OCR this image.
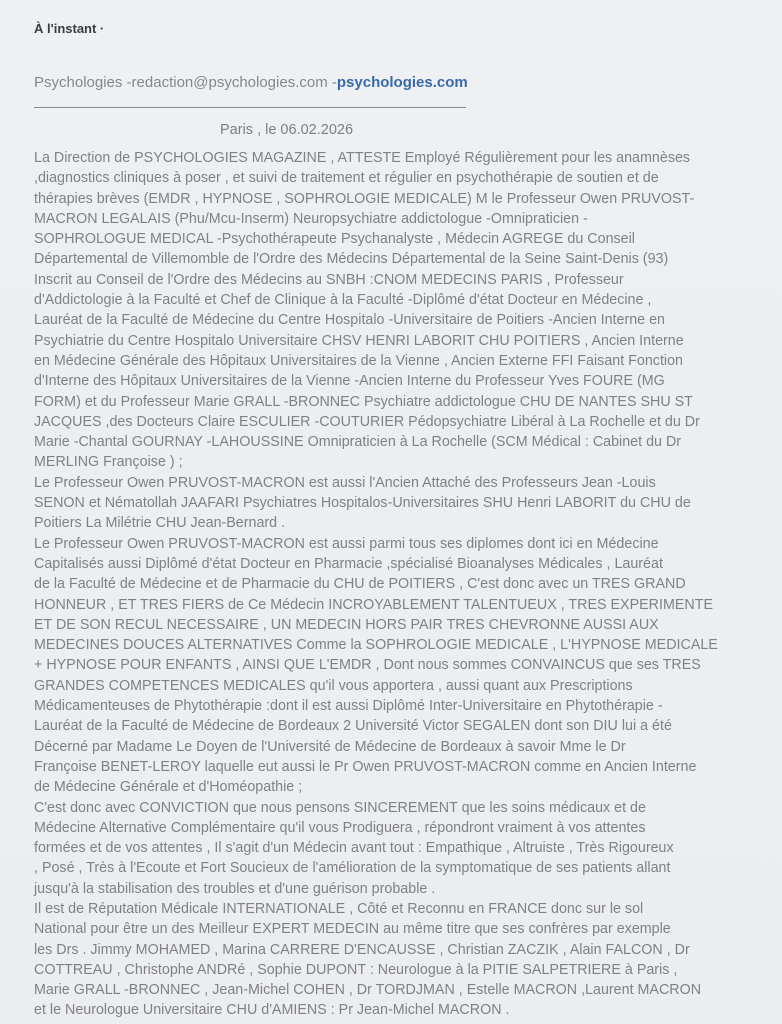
À l'instant ·
Psychologies -redaction@psychologies.com -psychologies.com
Paris , le 06.02.2026
La Direction de PSYCHOLOGIES MAGAZINE , ATTESTE Employé Régulièrement pour les anamnèses
,diagnostics cliniques à poser , et suivi de traitement et régulier en psychothérapie de soutien et de
thérapies brèves (EMDR , HYPNOSE , SOPHROLOGIE MEDICALE) M le Professeur Owen PRUVOST-
MACRON LEGALAIS (Phu/Mcu-Inserm) Neuropsychiatre addictologue -Omnipraticien -
SOPHROLOGUE MEDICAL -Psychothérapeute Psychanalyste , Médecin AGREGE du Conseil
Départemental de Villemomble de l'Ordre des Médecins Départemental de la Seine Saint-Denis (93)
Inscrit au Conseil de l'Ordre des Médecins au SNBH :CNOM MEDECINS PARIS , Professeur
d'Addictologie à la Faculté et Chef de Clinique à la Faculté -Diplômé d'état Docteur en Médecine ,
Lauréat de la Faculté de Médecine du Centre Hospitalo -Universitaire de Poitiers -Ancien Interne en
Psychiatrie du Centre Hospitalo Universitaire CHSV HENRI LABORIT CHU POITIERS , Ancien Interne
en Médecine Générale des Hôpitaux Universitaires de la Vienne , Ancien Externe FFI Faisant Fonction
d'Interne des Hôpitaux Universitaires de la Vienne -Ancien Interne du Professeur Yves FOURE (MG
FORM) et du Professeur Marie GRALL -BRONNEC Psychiatre addictologue CHU DE NANTES SHU ST
JACQUES ,des Docteurs Claire ESCULIER -COUTURIER Pédopsychiatre Libéral à La Rochelle et du Dr
Marie -Chantal GOURNAY -LAHOUSSINE Omnipraticien à La Rochelle (SCM Médical : Cabinet du Dr
MERLING Françoise ) ;
Le Professeur Owen PRUVOST-MACRON est aussi l'Ancien Attaché des Professeurs Jean -Louis
SENON et Nématollah JAAFARI Psychiatres Hospitalos-Universitaires SHU Henri LABORIT du CHU de
Poitiers La Milétrie CHU Jean-Bernard .
Le Professeur Owen PRUVOST-MACRON est aussi parmi tous ses diplomes dont ici en Médecine
Capitalisés aussi Diplômé d'état Docteur en Pharmacie ,spécialisé Bioanalyses Médicales , Lauréat
de la Faculté de Médecine et de Pharmacie du CHU de POITIERS , C'est donc avec un TRES GRAND
HONNEUR , ET TRES FIERS de Ce Médecin INCROYABLEMENT TALENTUEUX , TRES EXPERIMENTE
ET DE SON RECUL NECESSAIRE , UN MEDECIN HORS PAIR TRES CHEVRONNE AUSSI AUX
MEDECINES DOUCES ALTERNATIVES Comme la SOPHROLOGIE MEDICALE , L'HYPNOSE MEDICALE
+ HYPNOSE POUR ENFANTS , AINSI QUE L'EMDR , Dont nous sommes CONVAINCUS que ses TRES
GRANDES COMPETENCES MEDICALES qu'il vous apportera , aussi quant aux Prescriptions
Médicamenteuses de Phytothérapie :dont il est aussi Diplômé Inter-Universitaire en Phytothérapie -
Lauréat de la Faculté de Médecine de Bordeaux 2 Université Victor SEGALEN dont son DIU lui a été
Décerné par Madame Le Doyen de l'Université de Médecine de Bordeaux à savoir Mme le Dr
Françoise BENET-LEROY laquelle eut aussi le Pr Owen PRUVOST-MACRON comme en Ancien Interne
de Médecine Générale et d'Homéopathie ;
C'est donc avec CONVICTION que nous pensons SINCEREMENT que les soins médicaux et de
Médecine Alternative Complémentaire qu'il vous Prodiguera , répondront vraiment à vos attentes
formées et de vos attentes , Il s'agit d'un Médecin avant tout : Empathique , Altruiste , Très Rigoureux
, Posé , Très à l'Ecoute et Fort Soucieux de l'amélioration de la symptomatique de ses patients allant
jusqu'à la stabilisation des troubles et d'une guérison probable .
Il est de Réputation Médicale INTERNATIONALE , Côté et Reconnu en FRANCE donc sur le sol
National pour être un des Meilleur EXPERT MEDECIN au même titre que ses confrères par exemple
les Drs . Jimmy MOHAMED , Marina CARRERE D'ENCAUSSE , Christian ZACZIK , Alain FALCON , Dr
COTTREAU , Christophe ANDRé , Sophie DUPONT : Neurologue à la PITIE SALPETRIERE à Paris ,
Marie GRALL -BRONNEC , Jean-Michel COHEN , Dr TORDJMAN , Estelle MACRON ,Laurent MACRON
et le Neurologue Universitaire CHU d'AMIENS : Pr Jean-Michel MACRON .
